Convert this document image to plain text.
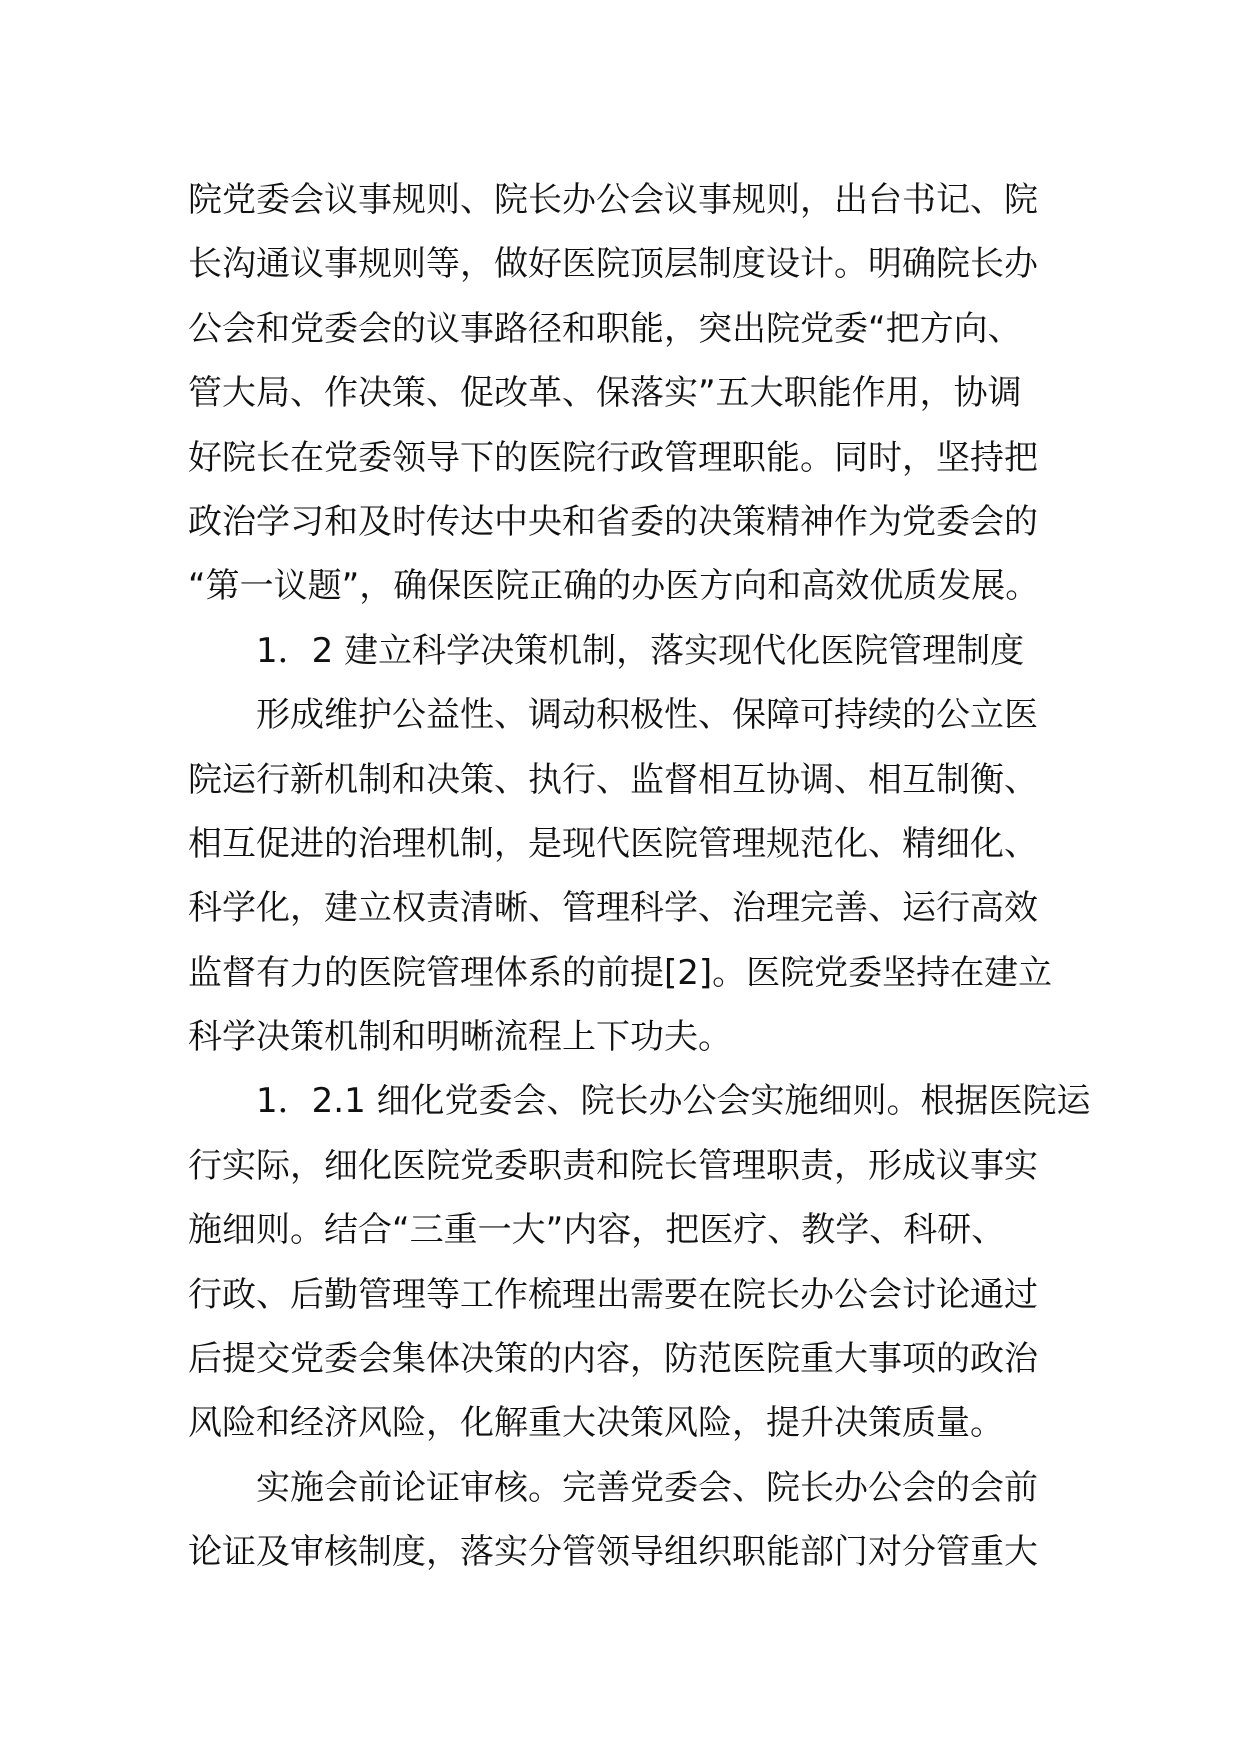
院党委会议事规则、院长办公会议事规则，出台书记、院
长沟通议事规则等，做好医院顶层制度设计。明确院长办
公会和党委会的议事路径和职能，突出院党委“把方向、
管大局、作决策、促改革、保落实”五大职能作用，协调
好院长在党委领导下的医院行政管理职能。同时，坚持把
政治学习和及时传达中央和省委的决策精神作为党委会的
“第一议题”，确保医院正确的办医方向和高效优质发展。
1．2 建立科学决策机制，落实现代化医院管理制度
形成维护公益性、调动积极性、保障可持续的公立医
院运行新机制和决策、执行、监督相互协调、相互制衡、
相互促进的治理机制，是现代医院管理规范化、精细化、
科学化，建立权责清晰、管理科学、治理完善、运行高效
监督有力的医院管理体系的前提[2]。医院党委坚持在建立
科学决策机制和明晰流程上下功夫。
1．2.1 细化党委会、院长办公会实施细则。根据医院运
行实际，细化医院党委职责和院长管理职责，形成议事实
施细则。结合“三重一大”内容，把医疗、教学、科研、
行政、后勤管理等工作梳理出需要在院长办公会讨论通过
后提交党委会集体决策的内容，防范医院重大事项的政治
风险和经济风险，化解重大决策风险，提升决策质量。
实施会前论证审核。完善党委会、院长办公会的会前
论证及审核制度，落实分管领导组织职能部门对分管重大
